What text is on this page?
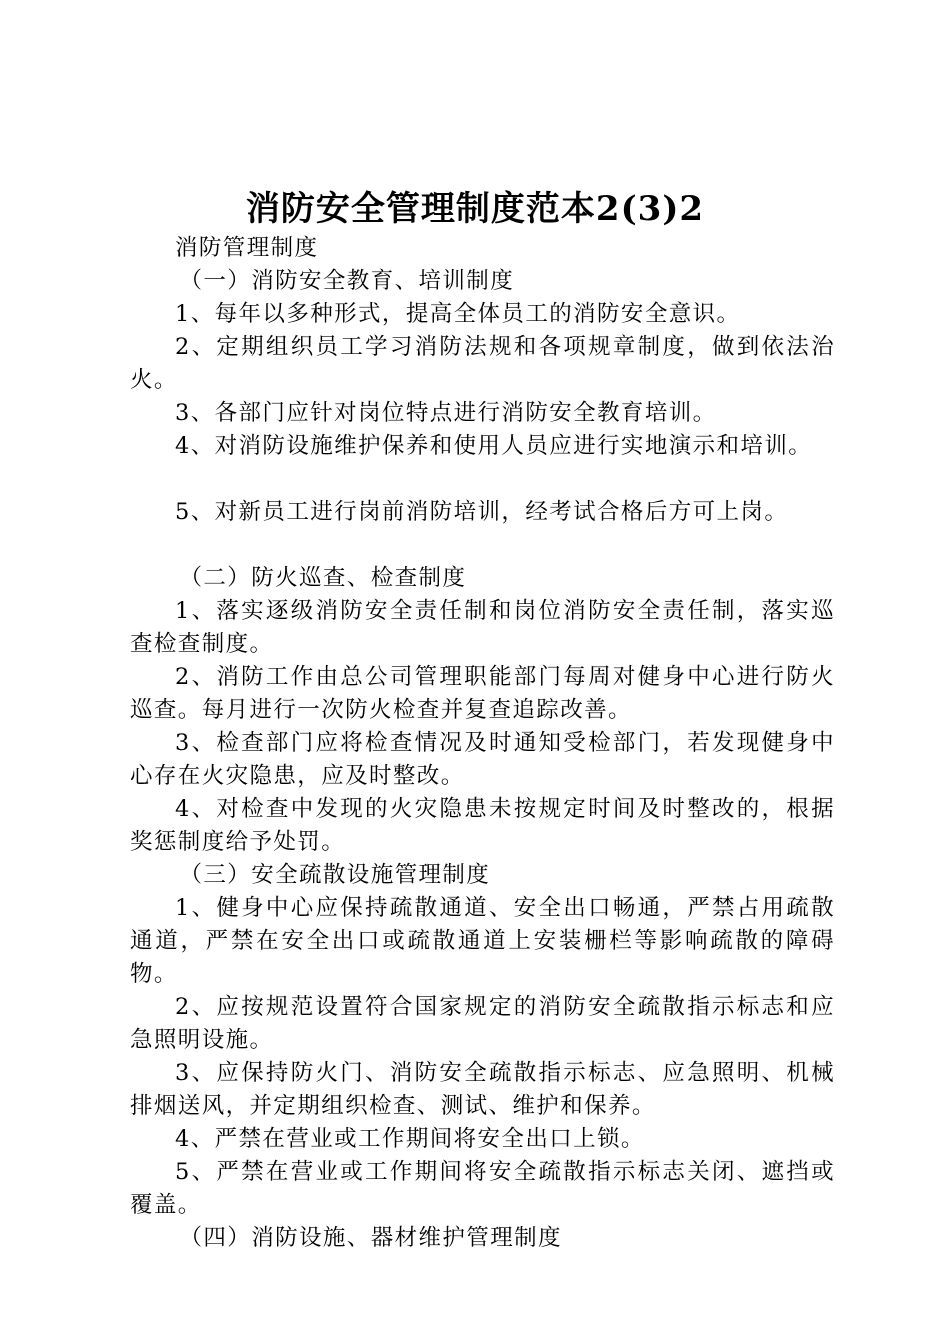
消防安全管理制度范本2(3)2

消防管理制度

（一）消防安全教育、培训制度

1、每年以多种形式，提高全体员工的消防安全意识。

2、定期组织员工学习消防法规和各项规章制度，做到依法治火。

3、各部门应针对岗位特点进行消防安全教育培训。

4、对消防设施维护保养和使用人员应进行实地演示和培训。

5、对新员工进行岗前消防培训，经考试合格后方可上岗。

（二）防火巡查、检查制度

1、落实逐级消防安全责任制和岗位消防安全责任制，落实巡查检查制度。

2、消防工作由总公司管理职能部门每周对健身中心进行防火巡查。每月进行一次防火检查并复查追踪改善。

3、检查部门应将检查情况及时通知受检部门，若发现健身中心存在火灾隐患，应及时整改。

4、对检查中发现的火灾隐患未按规定时间及时整改的，根据奖惩制度给予处罚。

（三）安全疏散设施管理制度

1、健身中心应保持疏散通道、安全出口畅通，严禁占用疏散通道，严禁在安全出口或疏散通道上安装栅栏等影响疏散的障碍物。

2、应按规范设置符合国家规定的消防安全疏散指示标志和应急照明设施。

3、应保持防火门、消防安全疏散指示标志、应急照明、机械排烟送风，并定期组织检查、测试、维护和保养。

4、严禁在营业或工作期间将安全出口上锁。

5、严禁在营业或工作期间将安全疏散指示标志关闭、遮挡或覆盖。

（四）消防设施、器材维护管理制度
